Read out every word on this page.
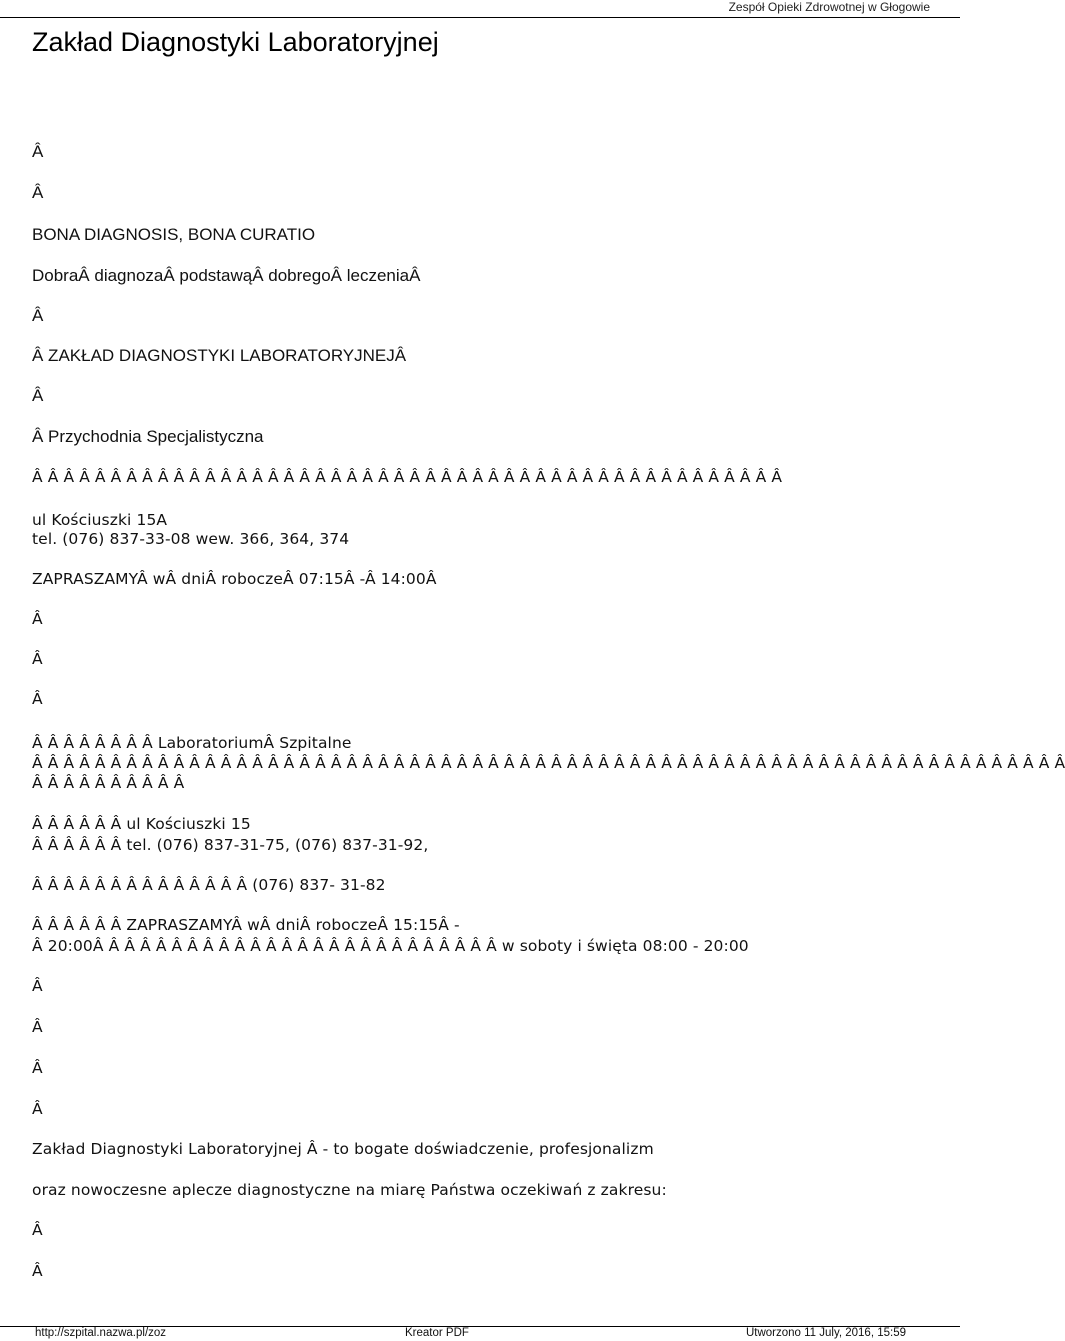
Zespół Opieki Zdrowotnej w Głogowie
Zakład Diagnostyki Laboratoryjnej
Â
Â
BONA DIAGNOSIS, BONA CURATIO
DobraÂ diagnozaÂ podstawąÂ dobregoÂ leczeniaÂ
Â
Â ZAKŁAD DIAGNOSTYKI LABORATORYJNEJÂ
Â
Â Przychodnia Specjalistyczna
Â Â Â Â Â Â Â Â Â Â Â Â Â Â Â Â Â Â Â Â Â Â Â Â Â Â Â Â Â Â Â Â Â Â Â Â Â Â Â Â Â Â Â Â Â Â Â Â
ul Kościuszki 15A
tel. (076) 837-33-08 wew. 366, 364, 374
ZAPRASZAMYÂ wÂ dniÂ roboczeÂ 07:15Â -Â 14:00Â
Â
Â
Â
Â Â Â Â Â Â Â Â LaboratoriumÂ Szpitalne
Â Â Â Â Â Â Â Â Â Â Â Â Â Â Â Â Â Â Â Â Â Â Â Â Â Â Â Â Â Â Â Â Â Â Â Â Â Â Â Â Â Â Â Â Â Â Â Â Â Â Â Â Â Â Â Â Â Â Â Â Â Â Â Â Â Â
Â Â Â Â Â Â Â Â Â Â
Â Â Â Â Â Â ul Kościuszki 15
Â Â Â Â Â Â tel. (076) 837-31-75, (076) 837-31-92,
Â Â Â Â Â Â Â Â Â Â Â Â Â Â (076) 837- 31-82
Â Â Â Â Â Â ZAPRASZAMYÂ wÂ dniÂ roboczeÂ 15:15Â -
Â 20:00Â Â Â Â Â Â Â Â Â Â Â Â Â Â Â Â Â Â Â Â Â Â Â Â Â Â w soboty i święta 08:00 - 20:00
Â
Â
Â
Â
Zakład Diagnostyki Laboratoryjnej Â - to bogate doświadczenie, profesjonalizm
oraz nowoczesne aplecze diagnostyczne na miarę Państwa oczekiwań z zakresu:
Â
Â
http://szpital.nazwa.pl/zoz	Kreator PDF	Utworzono 11 July, 2016, 15:59
